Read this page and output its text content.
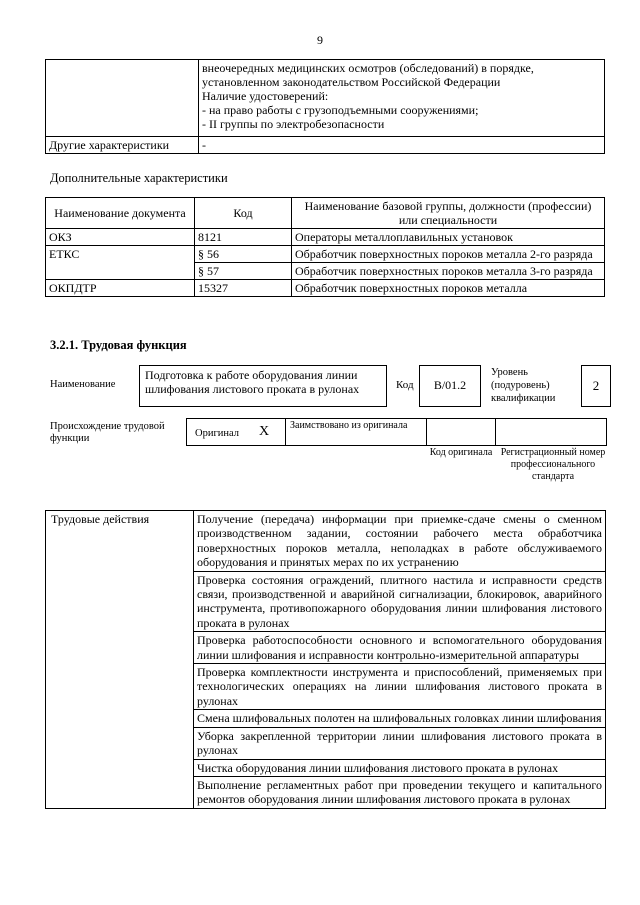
9

	внеочередных медицинских осмотров (обследований) в порядке,
установленном законодательством Российской Федерации
Наличие удостоверений:
- на право работы с грузоподъемными сооружениями;
- II группы по электробезопасности

Другие характеристики	-
Дополнительные характеристики
Наименование документа	Код	Наименование базовой группы, должности (профессии) или специальности
ОКЗ	8121	Операторы металлоплавильных установок
ЕТКС	§ 56	Обработчик поверхностных пороков металла 2-го разряда
	§ 57	Обработчик поверхностных пороков металла 3-го разряда
ОКПДТР	15327	Обработчик поверхностных пороков металла
3.2.1. Трудовая функция
Наименование
Подготовка к работе оборудования линии шлифования листового проката в рулонах	Код	В/01.2
Уровень (подуровень) квалификации
2
Происхождение трудовой функции	Оригинал X	Заимствовано из оригинала
Код оригинала Регистрационный номер профессионального стандарта
Трудовые действия	Получение (передача) информации при приемке-сдаче смены о сменном производственном задании, состоянии рабочего места обработчика поверхностных пороков металла, неполадках в работе обслуживаемого оборудования и принятых мерах по их устранению
Проверка состояния ограждений, плитного настила и исправности средств связи, производственной и аварийной сигнализации, блокировок, аварийного инструмента, противопожарного оборудования линии шлифования листового проката в рулонах
Проверка работоспособности основного и вспомогательного оборудования линии шлифования и исправности контрольно-измерительной аппаратуры
Проверка комплектности инструмента и приспособлений, применяемых при технологических операциях на линии шлифования листового проката в рулонах
Смена шлифовальных полотен на шлифовальных головках линии шлифования
Уборка закрепленной территории линии шлифования листового проката в рулонах
Чистка оборудования линии шлифования листового проката в рулонах
Выполнение регламентных работ при проведении текущего и капитального ремонтов оборудования линии шлифования листового проката в рулонах
